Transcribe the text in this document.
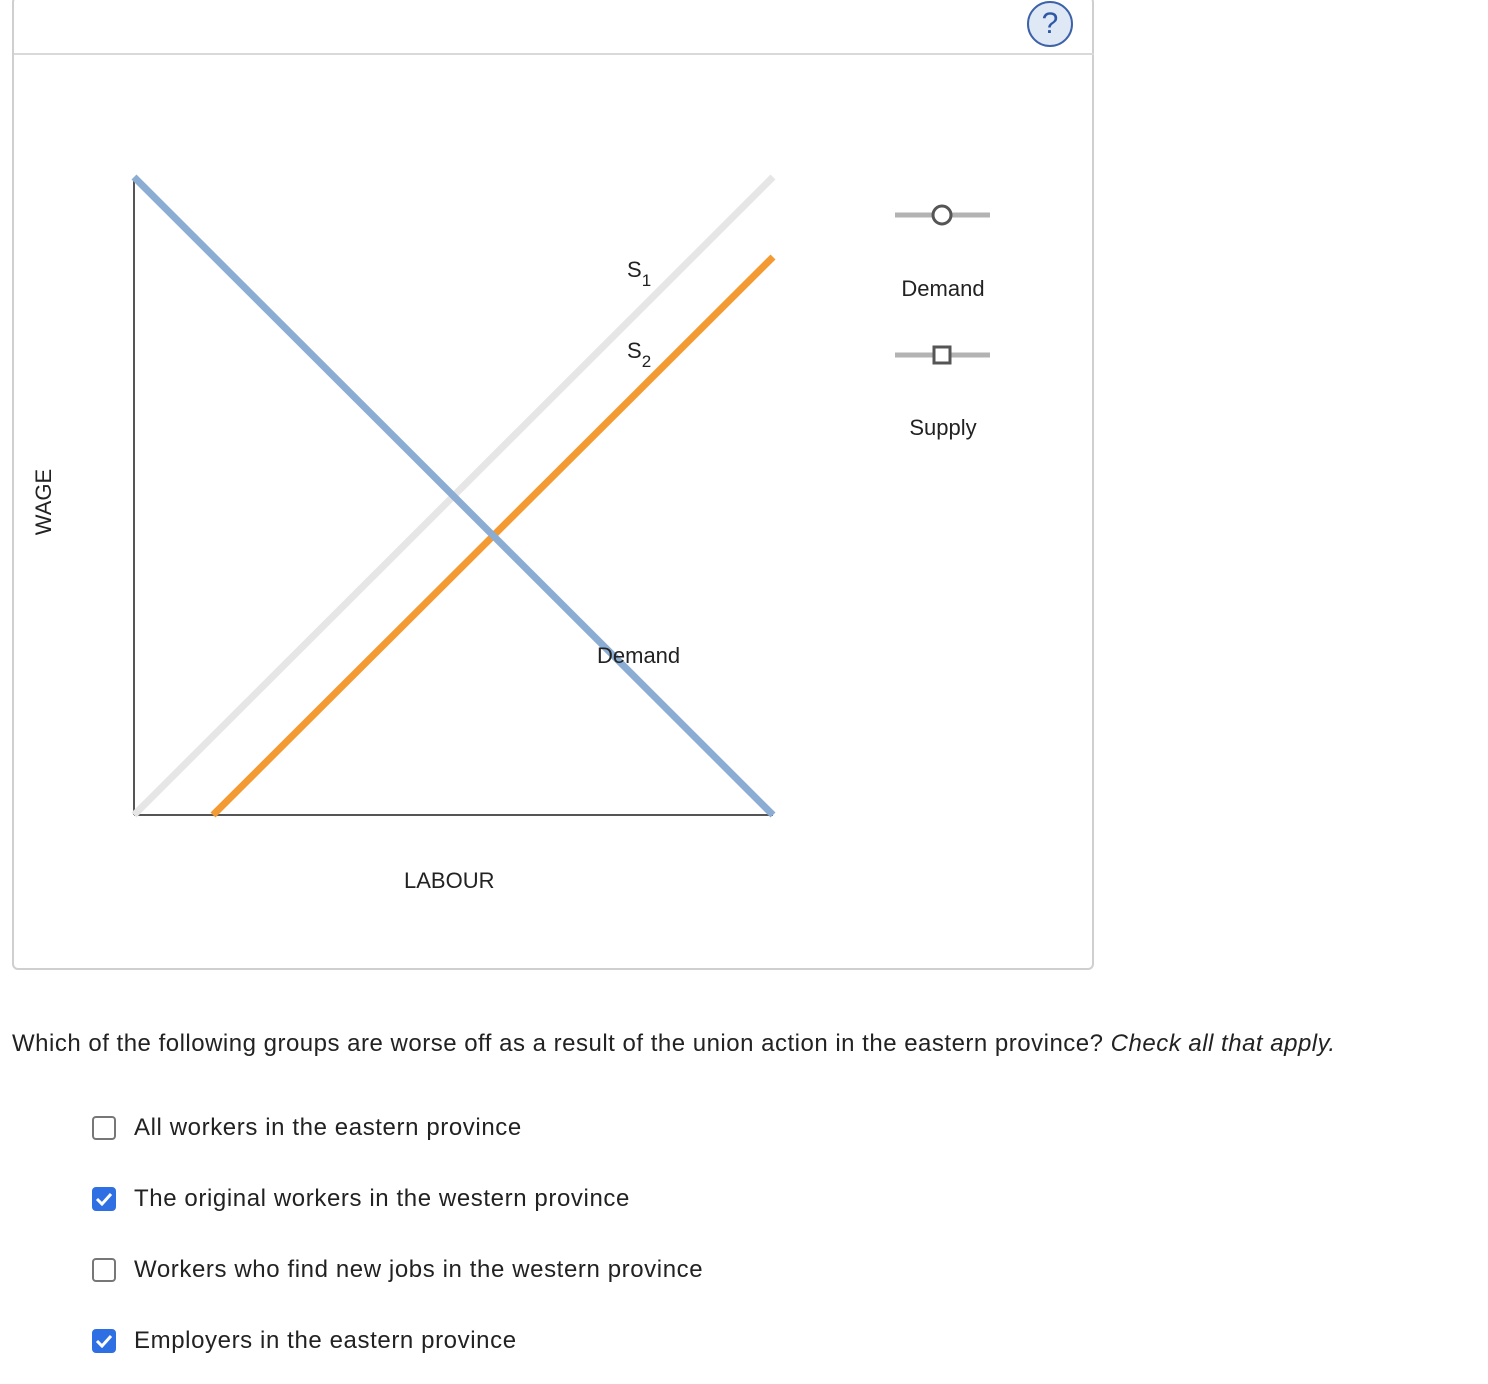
?
$S_1$
$S_2$
Demand
WAGE
LABOUR
Demand
Supply
Which of the following groups are worse off as a result of the union action in the eastern province? Check all that apply.
All workers in the eastern province
The original workers in the western province
Workers who find new jobs in the western province
Employers in the eastern province
